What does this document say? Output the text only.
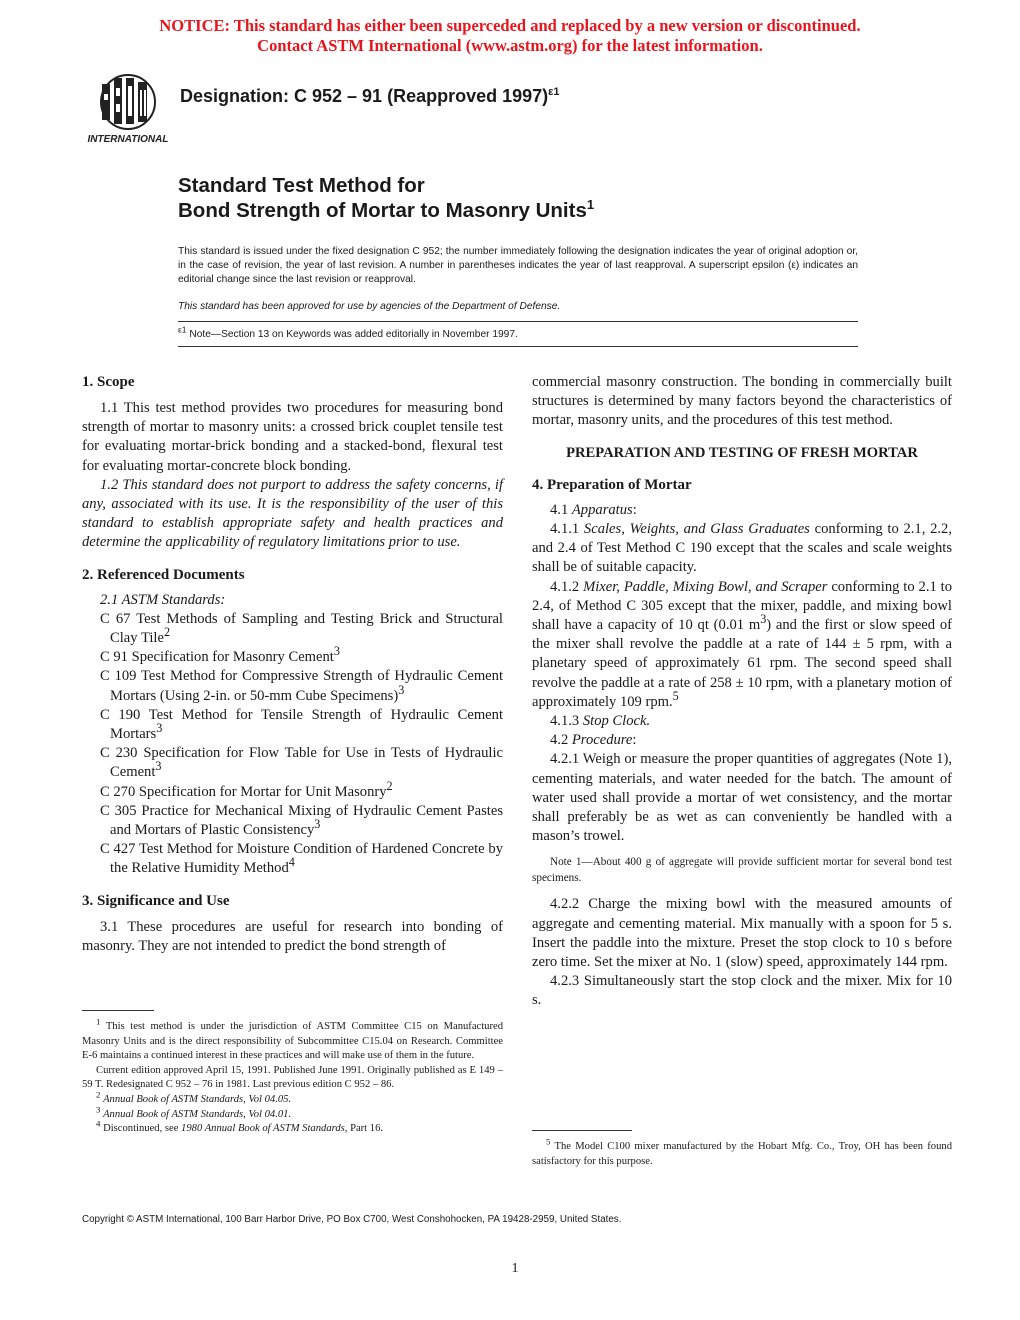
NOTICE: This standard has either been superceded and replaced by a new version or discontinued.
Contact ASTM International (www.astm.org) for the latest information.
INTERNATIONAL
Designation: C 952 – 91 (Reapproved 1997)$^{\varepsilon 1}$
Standard Test Method for
Bond Strength of Mortar to Masonry Units$^1$
This standard is issued under the fixed designation C 952; the number immediately following the designation indicates the year of original adoption or, in the case of revision, the year of last revision. A number in parentheses indicates the year of last reapproval. A superscript epsilon (ε) indicates an editorial change since the last revision or reapproval.
This standard has been approved for use by agencies of the Department of Defense.
$^{\varepsilon 1}$ Note—Section 13 on Keywords was added editorially in November 1997.
1. Scope

1.1 This test method provides two procedures for measuring bond strength of mortar to masonry units: a crossed brick couplet tensile test for evaluating mortar-brick bonding and a stacked-bond, flexural test for evaluating mortar-concrete block bonding.

1.2 This standard does not purport to address the safety concerns, if any, associated with its use. It is the responsibility of the user of this standard to establish appropriate safety and health practices and determine the applicability of regulatory limitations prior to use.

2. Referenced Documents

2.1 ASTM Standards:

C 67 Test Methods of Sampling and Testing Brick and Structural Clay Tile$^2$

C 91 Specification for Masonry Cement$^3$

C 109 Test Method for Compressive Strength of Hydraulic Cement Mortars (Using 2-in. or 50-mm Cube Specimens)$^3$

C 190 Test Method for Tensile Strength of Hydraulic Cement Mortars$^3$

C 230 Specification for Flow Table for Use in Tests of Hydraulic Cement$^3$

C 270 Specification for Mortar for Unit Masonry$^2$

C 305 Practice for Mechanical Mixing of Hydraulic Cement Pastes and Mortars of Plastic Consistency$^3$

C 427 Test Method for Moisture Condition of Hardened Concrete by the Relative Humidity Method$^4$

3. Significance and Use

3.1 These procedures are useful for research into bonding of masonry. They are not intended to predict the bond strength of

$^1$ This test method is under the jurisdiction of ASTM Committee C15 on Manufactured Masonry Units and is the direct responsibility of Subcommittee C15.04 on Research. Committee E-6 maintains a continued interest in these practices and will make use of them in the future.

Current edition approved April 15, 1991. Published June 1991. Originally published as E 149 – 59 T. Redesignated C 952 – 76 in 1981. Last previous edition C 952 – 86.

$^2$ Annual Book of ASTM Standards, Vol 04.05.

$^3$ Annual Book of ASTM Standards, Vol 04.01.

$^4$ Discontinued, see 1980 Annual Book of ASTM Standards, Part 16.

commercial masonry construction. The bonding in commercially built structures is determined by many factors beyond the characteristics of mortar, masonry units, and the procedures of this test method.

PREPARATION AND TESTING OF FRESH MORTAR

4. Preparation of Mortar

4.1 Apparatus:

4.1.1 Scales, Weights, and Glass Graduates conforming to 2.1, 2.2, and 2.4 of Test Method C 190 except that the scales and scale weights shall be of suitable capacity.

4.1.2 Mixer, Paddle, Mixing Bowl, and Scraper conforming to 2.1 to 2.4, of Method C 305 except that the mixer, paddle, and mixing bowl shall have a capacity of 10 qt (0.01 $m^3$) and the first or slow speed of the mixer shall revolve the paddle at a rate of 144 ± 5 rpm, with a planetary speed of approximately 61 rpm. The second speed shall revolve the paddle at a rate of 258 ± 10 rpm, with a planetary motion of approximately 109 rpm.$^5$

4.1.3 Stop Clock.

4.2 Procedure:

4.2.1 Weigh or measure the proper quantities of aggregates (Note 1), cementing materials, and water needed for the batch. The amount of water used shall provide a mortar of wet consistency, and the mortar shall preferably be as wet as can conveniently be handled with a mason’s trowel.

Note 1—About 400 g of aggregate will provide sufficient mortar for several bond test specimens.

4.2.2 Charge the mixing bowl with the measured amounts of aggregate and cementing material. Mix manually with a spoon for 5 s. Insert the paddle into the mixture. Preset the stop clock to 10 s before zero time. Set the mixer at No. 1 (slow) speed, approximately 144 rpm.

4.2.3 Simultaneously start the stop clock and the mixer. Mix for 10 s.

$^5$ The Model C100 mixer manufactured by the Hobart Mfg. Co., Troy, OH has been found satisfactory for this purpose.

Copyright © ASTM International, 100 Barr Harbor Drive, PO Box C700, West Conshohocken, PA 19428-2959, United States.
1
